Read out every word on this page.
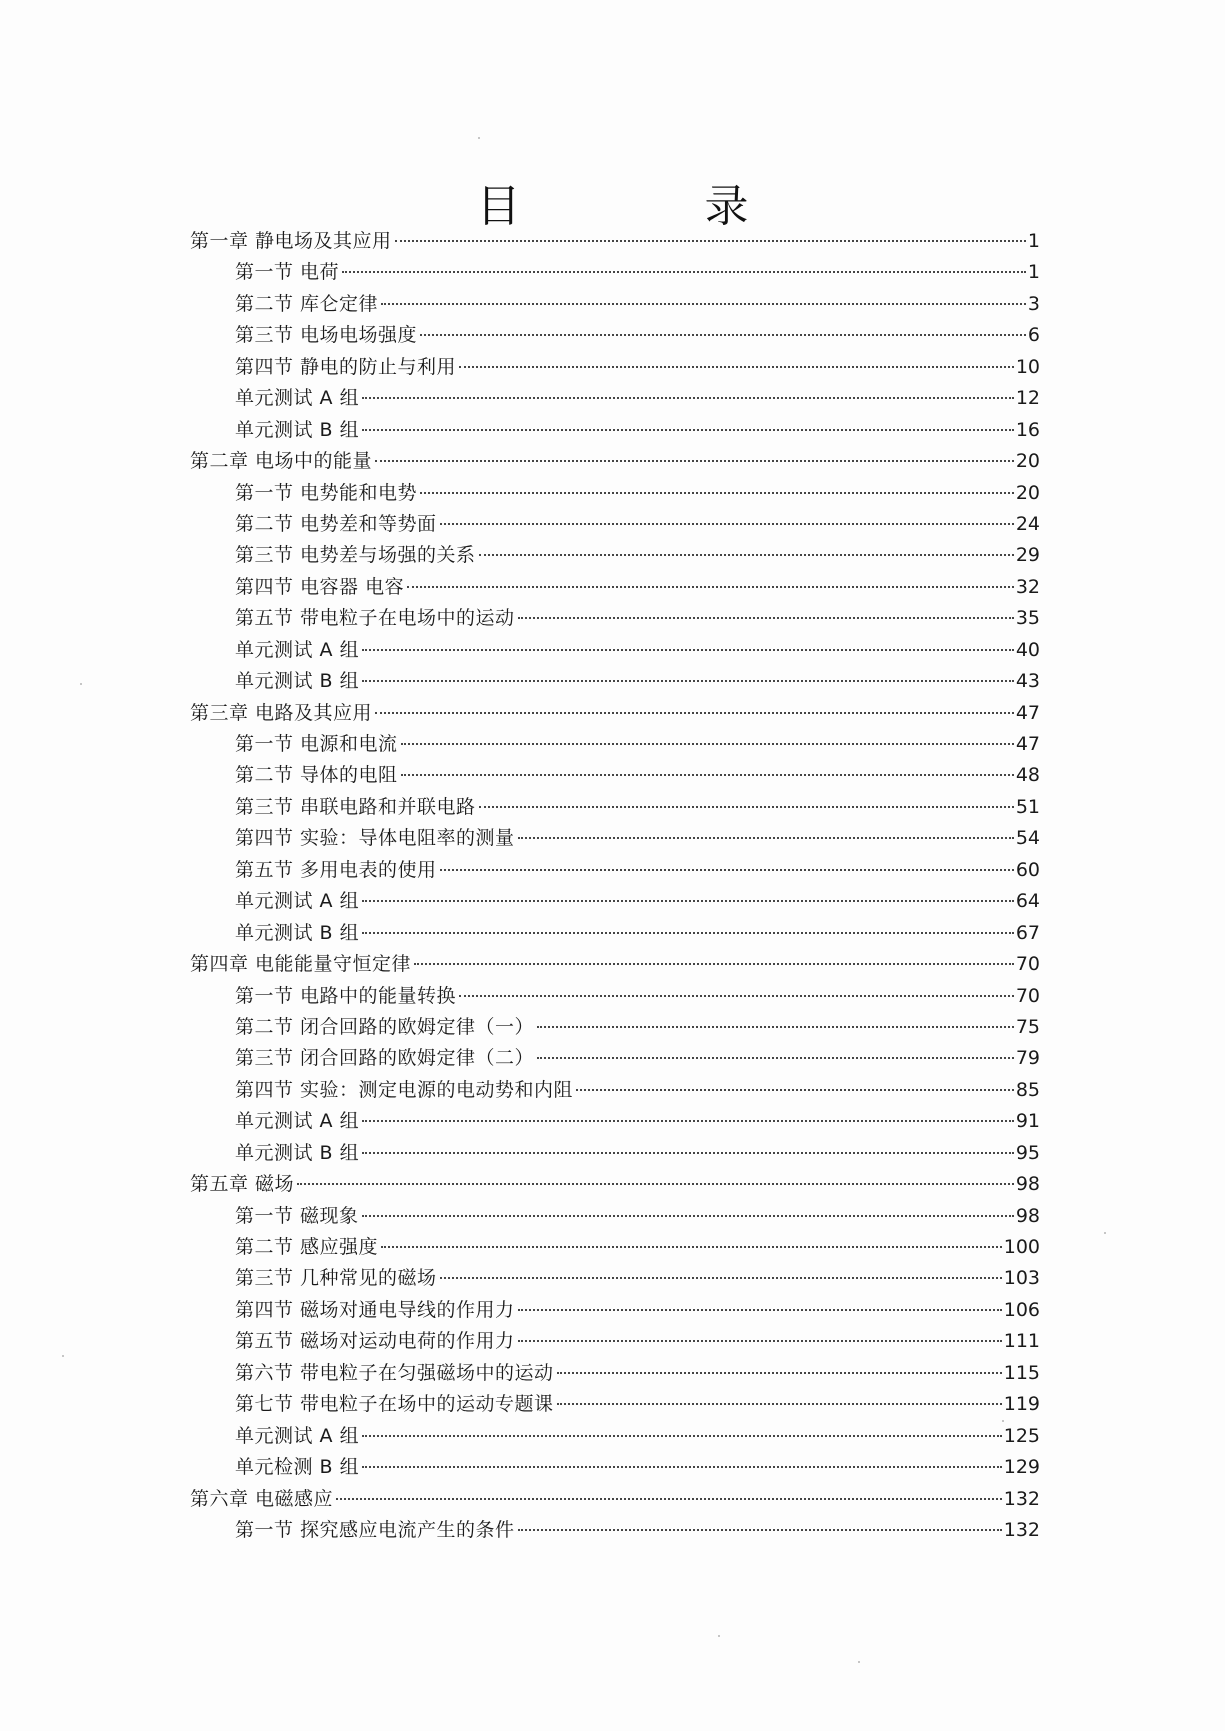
目　录
第一章 静电场及其应用	1
第一节 电荷	1
第二节 库仑定律	3
第三节 电场电场强度	6
第四节 静电的防止与利用	10
单元测试 A 组	12
单元测试 B 组	16
第二章 电场中的能量	20
第一节 电势能和电势	20
第二节 电势差和等势面	24
第三节 电势差与场强的关系	29
第四节 电容器 电容	32
第五节 带电粒子在电场中的运动	35
单元测试 A 组	40
单元测试 B 组	43
第三章 电路及其应用	47
第一节 电源和电流	47
第二节 导体的电阻	48
第三节 串联电路和并联电路	51
第四节 实验：导体电阻率的测量	54
第五节 多用电表的使用	60
单元测试 A 组	64
单元测试 B 组	67
第四章 电能能量守恒定律	70
第一节 电路中的能量转换	70
第二节 闭合回路的欧姆定律（一）	75
第三节 闭合回路的欧姆定律（二）	79
第四节 实验：测定电源的电动势和内阻	85
单元测试 A 组	91
单元测试 B 组	95
第五章 磁场	98
第一节 磁现象	98
第二节 感应强度	100
第三节 几种常见的磁场	103
第四节 磁场对通电导线的作用力	106
第五节 磁场对运动电荷的作用力	111
第六节 带电粒子在匀强磁场中的运动	115
第七节 带电粒子在场中的运动专题课	119
单元测试 A 组	125
单元检测 B 组	129
第六章 电磁感应	132
第一节 探究感应电流产生的条件	132
